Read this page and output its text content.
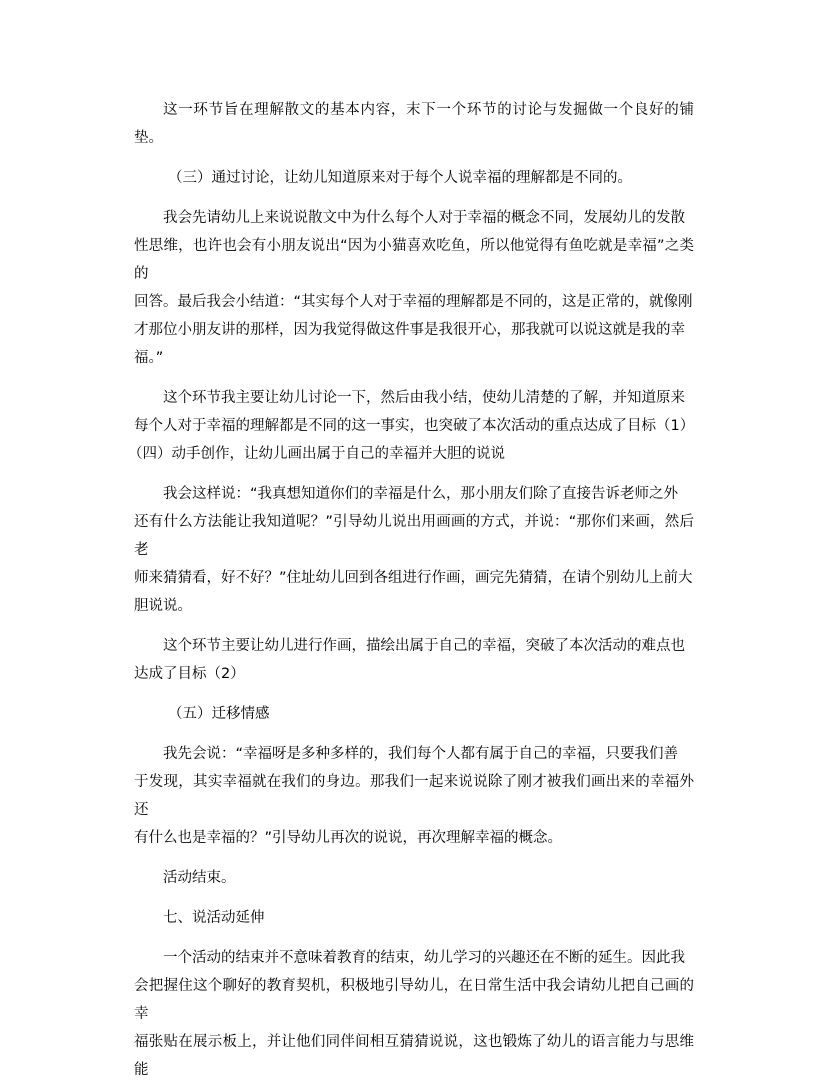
这一环节旨在理解散文的基本内容，末下一个环节的讨论与发掘做一个良好的铺垫。
（三）通过讨论，让幼儿知道原来对于每个人说幸福的理解都是不同的。
我会先请幼儿上来说说散文中为什么每个人对于幸福的概念不同，发展幼儿的发散
性思维，也许也会有小朋友说出“因为小猫喜欢吃鱼，所以他觉得有鱼吃就是幸福”之类的
回答。最后我会小结道：“其实每个人对于幸福的理解都是不同的，这是正常的，就像刚
才那位小朋友讲的那样，因为我觉得做这件事是我很开心，那我就可以说这就是我的幸
福。”
这个环节我主要让幼儿讨论一下，然后由我小结，使幼儿清楚的了解，并知道原来
每个人对于幸福的理解都是不同的这一事实，也突破了本次活动的重点达成了目标（1）
（四）动手创作，让幼儿画出属于自己的幸福并大胆的说说
我会这样说：“我真想知道你们的幸福是什么，那小朋友们除了直接告诉老师之外
还有什么方法能让我知道呢？”引导幼儿说出用画画的方式，并说：“那你们来画，然后老
师来猜猜看，好不好？”住址幼儿回到各组进行作画，画完先猜猜，在请个别幼儿上前大
胆说说。
这个环节主要让幼儿进行作画，描绘出属于自己的幸福，突破了本次活动的难点也
达成了目标（2）
（五）迁移情感
我先会说：“幸福呀是多种多样的，我们每个人都有属于自己的幸福，只要我们善
于发现，其实幸福就在我们的身边。那我们一起来说说除了刚才被我们画出来的幸福外还
有什么也是幸福的？”引导幼儿再次的说说，再次理解幸福的概念。
活动结束。
七、说活动延伸
一个活动的结束并不意味着教育的结束，幼儿学习的兴趣还在不断的延生。因此我
会把握住这个聊好的教育契机，积极地引导幼儿，在日常生活中我会请幼儿把自己画的幸
福张贴在展示板上，并让他们同伴间相互猜猜说说，这也锻炼了幼儿的语言能力与思维能
